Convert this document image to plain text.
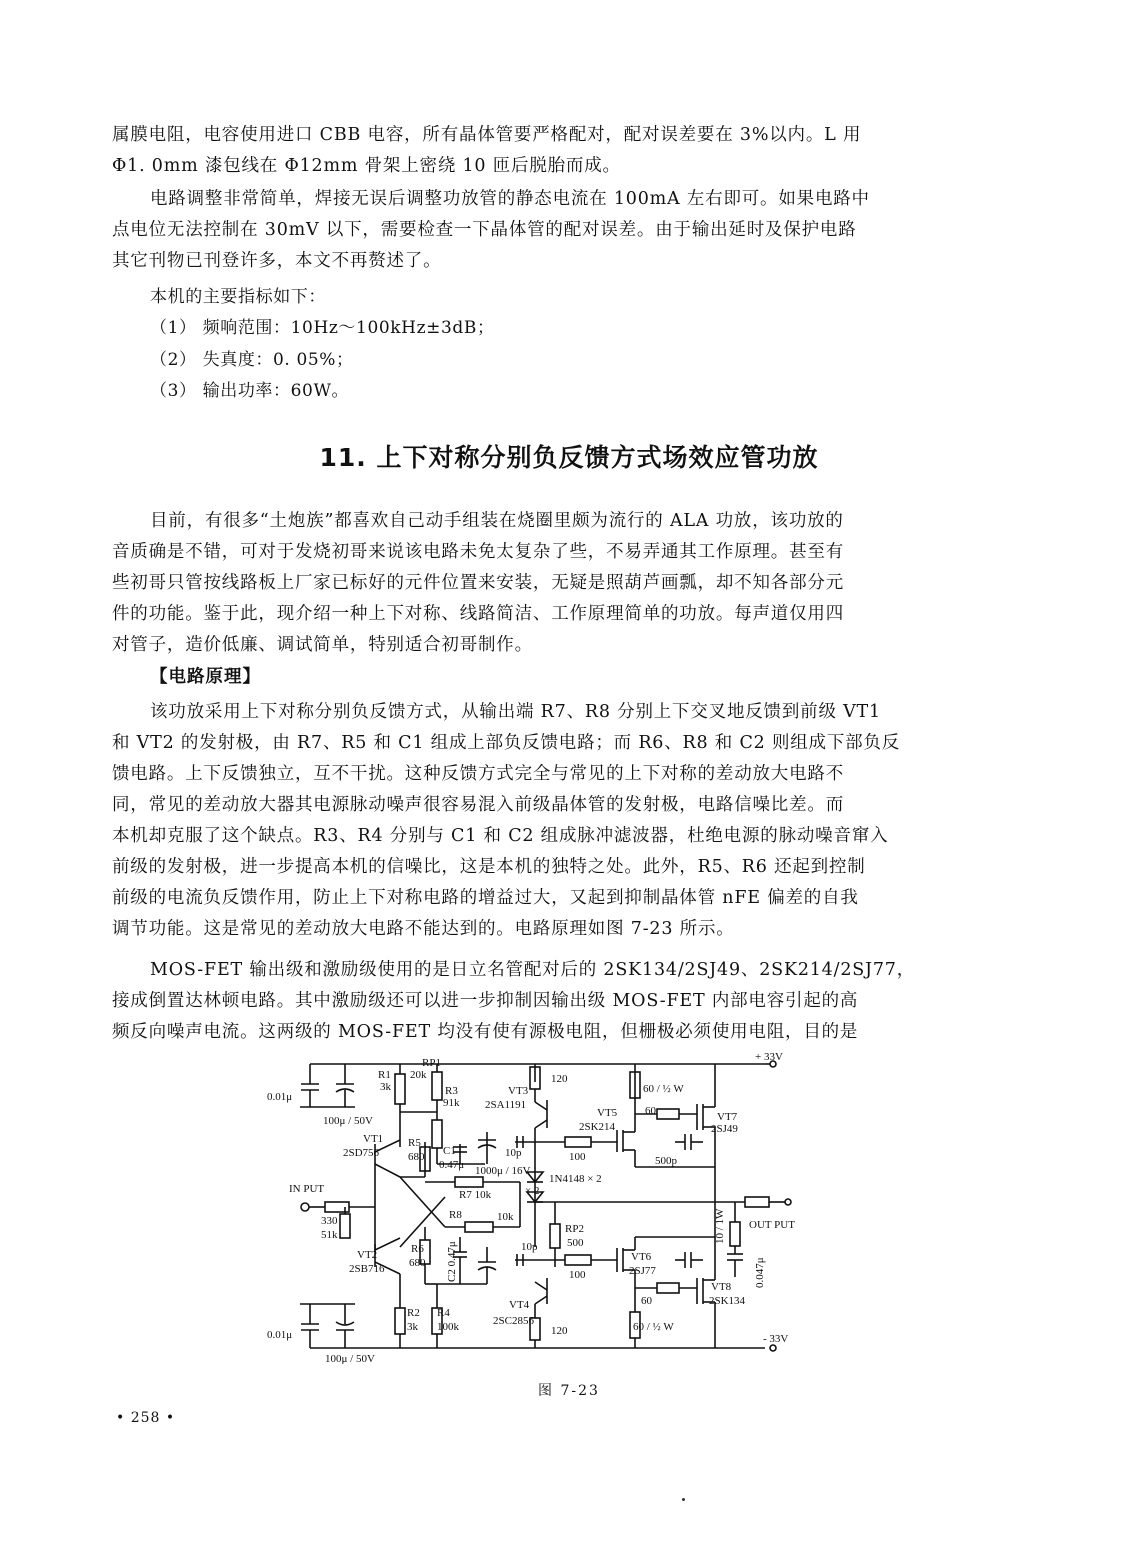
属膜电阻，电容使用进口 CBB 电容，所有晶体管要严格配对，配对误差要在 3%以内。L 用
Φ1. 0mm 漆包线在 Φ12mm 骨架上密绕 10 匝后脱胎而成。
电路调整非常简单，焊接无误后调整功放管的静态电流在 100mA 左右即可。如果电路中
点电位无法控制在 30mV 以下，需要检查一下晶体管的配对误差。由于输出延时及保护电路
其它刊物已刊登许多，本文不再赘述了。
本机的主要指标如下：
（1） 频响范围：10Hz～100kHz±3dB；
（2） 失真度：0. 05%；
（3） 输出功率：60W。
11. 上下对称分别负反馈方式场效应管功放
目前，有很多“土炮族”都喜欢自己动手组装在烧圈里颇为流行的 ALA 功放，该功放的
音质确是不错，可对于发烧初哥来说该电路未免太复杂了些，不易弄通其工作原理。甚至有
些初哥只管按线路板上厂家已标好的元件位置来安装，无疑是照葫芦画瓢，却不知各部分元
件的功能。鉴于此，现介绍一种上下对称、线路简洁、工作原理简单的功放。每声道仅用四
对管子，造价低廉、调试简单，特别适合初哥制作。
【电路原理】
该功放采用上下对称分别负反馈方式，从输出端 R7、R8 分别上下交叉地反馈到前级 VT1
和 VT2 的发射极，由 R7、R5 和 C1 组成上部负反馈电路；而 R6、R8 和 C2 则组成下部负反
馈电路。上下反馈独立，互不干扰。这种反馈方式完全与常见的上下对称的差动放大电路不
同，常见的差动放大器其电源脉动噪声很容易混入前级晶体管的发射极，电路信噪比差。而
本机却克服了这个缺点。R3、R4 分别与 C1 和 C2 组成脉冲滤波器，杜绝电源的脉动噪音窜入
前级的发射极，进一步提高本机的信噪比，这是本机的独特之处。此外，R5、R6 还起到控制
前级的电流负反馈作用，防止上下对称电路的增益过大，又起到抑制晶体管 nFE 偏差的自我
调节功能。这是常见的差动放大电路不能达到的。电路原理如图 7-23 所示。
MOS-FET 输出级和激励级使用的是日立名管配对后的 2SK134/2SJ49、2SK214/2SJ77，
接成倒置达林顿电路。其中激励级还可以进一步抑制因输出级 MOS-FET 内部电容引起的高
频反向噪声电流。这两级的 MOS-FET 均没有使有源极电阻，但栅极必须使用电阻，目的是
RP1
20k
R1
3k	R3
91k
VT3
2SA1191
120
60 / ½ W
+ 33V
0.01μ
100μ / 50V
VT1
2SD756
R5
680 C1
0.47μ 1000μ / 16V
10p	100
VT5
2SK214
60	VT7
2SJ49
500p
1N4148 × 2
× 2
IN PUT
330
51k
R7 10k
R8	10k
RP2
500
10p
10 / 1W OUT PUT
0.047μ
VT2
2SB716
R6
680 C2 0.47μ	100
VT6
2SJ77
60
VT8
2SK134
VT4
2SC2856
120
R2
3k
R4
100k	60 / ½ W
0.01μ
100μ / 50V
- 33V
图 7-23
• 258 •
